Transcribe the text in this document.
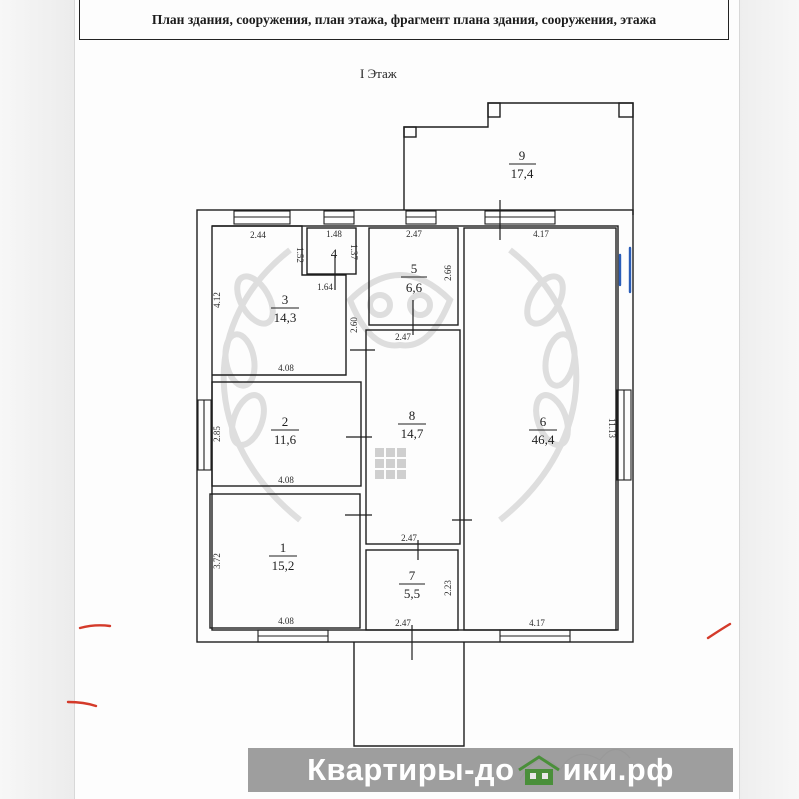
План здания, сооружения, план этажа, фрагмент плана здания, сооружения, этажа
I Этаж
9
17,4
3
14,3
4
5
6,6
8
14,7
2
11,6
6
46,4
1
15,2
7
5,5
2.44
1.52
4.12
4.08
1.48
1.37
1.64
2.47
2.66
4.17
11.13
4.17
2.47
2.60
2.47
2.85
4.08
3.72
4.08
2.23
2.47
Квартиры-до ики.рф
